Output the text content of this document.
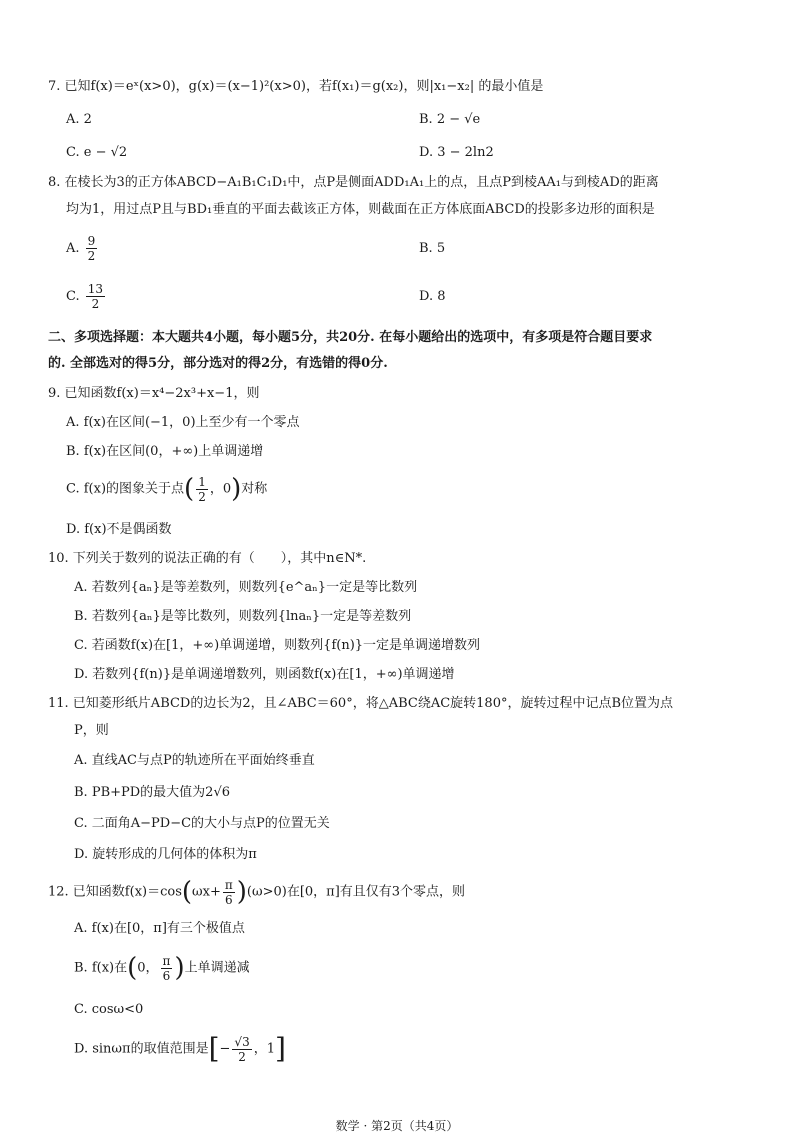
7. 已知f(x)＝eˣ(x>0)，g(x)＝(x−1)²(x>0)，若f(x₁)＝g(x₂)，则|x₁−x₂| 的最小值是
A. 2	B. 2 − √e
C. e − √2	D. 3 − 2ln2
8. 在棱长为3的正方体ABCD−A₁B₁C₁D₁中，点P是侧面ADD₁A₁上的点，且点P到棱AA₁与到棱AD的距离
均为1，用过点P且与BD₁垂直的平面去截该正方体，则截面在正方体底面ABCD的投影多边形的面积是
A. $\frac{9}{2}$	B. 5
C. $\frac{13}{2}$	D. 8
二、多项选择题：本大题共4小题，每小题5分，共20分. 在每小题给出的选项中，有多项是符合题目要求
的. 全部选对的得5分，部分选对的得2分，有选错的得0分.
9. 已知函数f(x)＝x⁴−2x³+x−1，则
A. f(x)在区间(−1，0)上至少有一个零点
B. f(x)在区间(0，+∞)上单调递增
C. f(x)的图象关于点( $\frac{1}{2}$ ，0)对称
D. f(x)不是偶函数
10. 下列关于数列的说法正确的有（　　），其中n∈N*.
A. 若数列{aₙ}是等差数列，则数列{e^aₙ}一定是等比数列
B. 若数列{aₙ}是等比数列，则数列{lnaₙ}一定是等差数列
C. 若函数f(x)在[1，+∞)单调递增，则数列{f(n)}一定是单调递增数列
D. 若数列{f(n)}是单调递增数列，则函数f(x)在[1，+∞)单调递增
11. 已知菱形纸片ABCD的边长为2，且∠ABC＝60°，将△ABC绕AC旋转180°，旋转过程中记点B位置为点
P，则
A. 直线AC与点P的轨迹所在平面始终垂直
B. PB+PD的最大值为2√6
C. 二面角A−PD−C的大小与点P的位置无关
D. 旋转形成的几何体的体积为π
12. 已知函数$f(x)=\cos(\omega x+ \frac{\pi}{6} )(\omega>0)$在[0，π]有且仅有3个零点，则
A. f(x)在[0，π]有三个极值点
B. f(x)在(0， $\frac{\pi}{6}$ )上单调递减
C. cosω<0
D. sinωπ的取值范围是[− $\frac{√3}{2}$ ，1]
数学 · 第2页（共4页）
